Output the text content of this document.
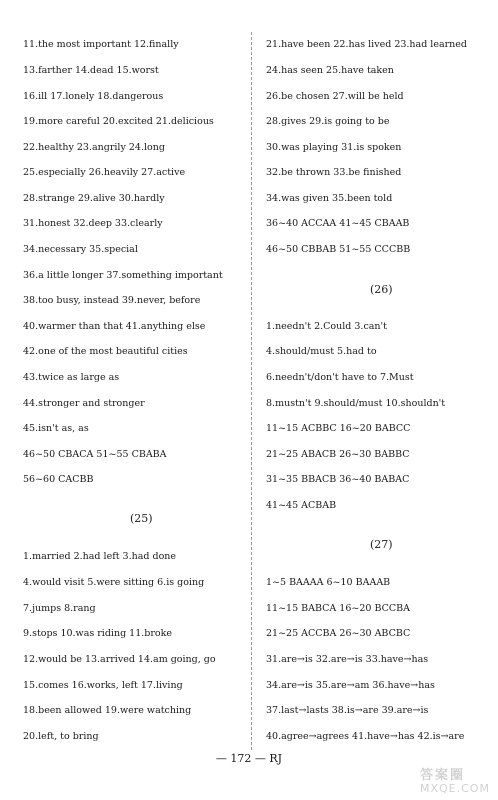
11.the most important 12.finally
13.farther 14.dead 15.worst
16.ill 17.lonely 18.dangerous
19.more careful 20.excited 21.delicious
22.healthy 23.angrily 24.long
25.especially 26.heavily 27.active
28.strange 29.alive 30.hardly
31.honest 32.deep 33.clearly
34.necessary 35.special
36.a little longer 37.something important
38.too busy, instead 39.never, before
40.warmer than that 41.anything else
42.one of the most beautiful cities
43.twice as large as
44.stronger and stronger
45.isn't as, as
46~50 CBACA 51~55 CBABA
56~60 CACBB
(25)
1.married 2.had left 3.had done
4.would visit 5.were sitting 6.is going
7.jumps 8.rang
9.stops 10.was riding 11.broke
12.would be 13.arrived 14.am going, go
15.comes 16.works, left 17.living
18.been allowed 19.were watching
20.left, to bring
21.have been 22.has lived 23.had learned
24.has seen 25.have taken
26.be chosen 27.will be held
28.gives 29.is going to be
30.was playing 31.is spoken
32.be thrown 33.be finished
34.was given 35.been told
36~40 ACCAA 41~45 CBAAB
46~50 CBBAB 51~55 CCCBB
(26)
1.needn't 2.Could 3.can't
4.should/must 5.had to
6.needn't/don't have to 7.Must
8.mustn't 9.should/must 10.shouldn't
11~15 ACBBC 16~20 BABCC
21~25 ABACB 26~30 BABBC
31~35 BBACB 36~40 BABAC
41~45 ACBAB
(27)
1~5 BAAAA 6~10 BAAAB
11~15 BABCA 16~20 BCCBA
21~25 ACCBA 26~30 ABCBC
31.are→is 32.are→is 33.have→has
34.are→is 35.are→am 36.have→has
37.last→lasts 38.is→are 39.are→is
40.agree→agrees 41.have→has 42.is→are
— 172 — RJ
答案圈
MXQE.COM
